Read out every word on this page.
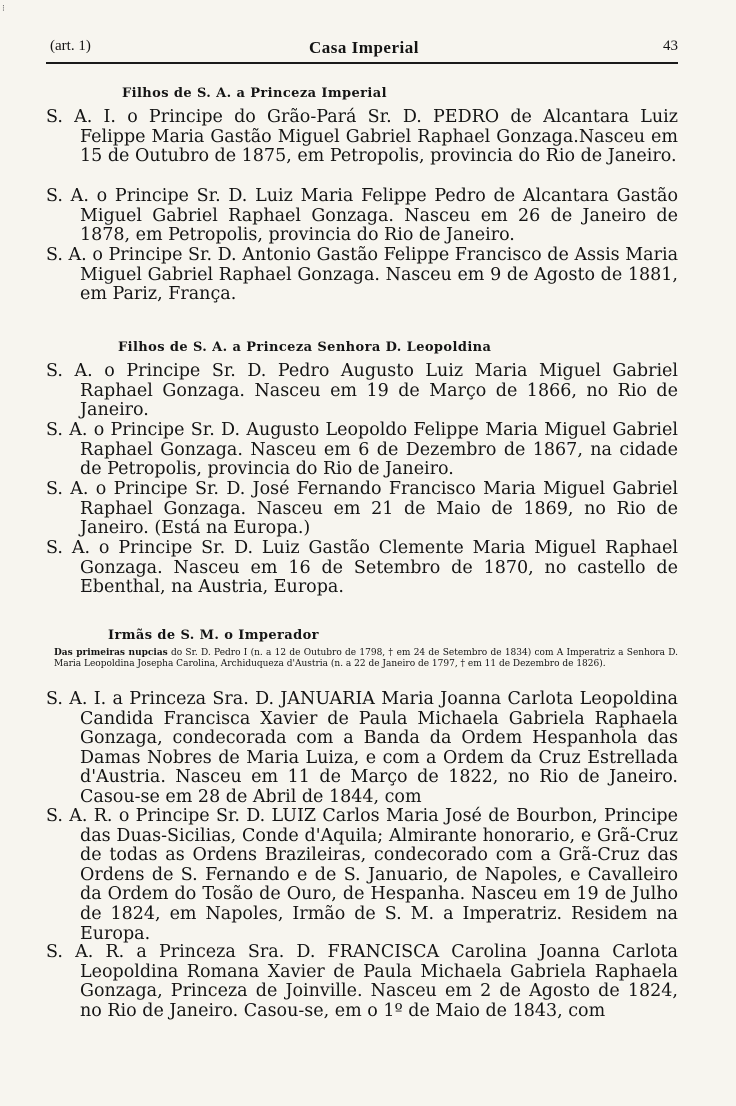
⁝
(art. 1)	Casa Imperial	43
Filhos de S. A. a Princeza Imperial
S. A. I. o Principe do Grão-Pará Sr. D. PEDRO de Alcantara Luiz Felippe Maria Gastão Miguel Gabriel Raphael Gonzaga.Nasceu em 15 de Outubro de 1875, em Petropolis, provincia do Rio de Janeiro.
S. A. o Principe Sr. D. Luiz Maria Felippe Pedro de Alcantara Gastão Miguel Gabriel Raphael Gonzaga. Nasceu em 26 de Janeiro de 1878, em Petropolis, provincia do Rio de Janeiro.
S. A. o Principe Sr. D. Antonio Gastão Felippe Francisco de Assis Maria Miguel Gabriel Raphael Gonzaga. Nasceu em 9 de Agosto de 1881, em Pariz, França.
Filhos de S. A. a Princeza Senhora D. Leopoldina
S. A. o Principe Sr. D. Pedro Augusto Luiz Maria Miguel Gabriel Raphael Gonzaga. Nasceu em 19 de Março de 1866, no Rio de Janeiro.
S. A. o Principe Sr. D. Augusto Leopoldo Felippe Maria Miguel Gabriel Raphael Gonzaga. Nasceu em 6 de Dezembro de 1867, na cidade de Petropolis, provincia do Rio de Janeiro.
S. A. o Principe Sr. D. José Fernando Francisco Maria Miguel Gabriel Raphael Gonzaga. Nasceu em 21 de Maio de 1869, no Rio de Janeiro. (Está na Europa.)
S. A. o Principe Sr. D. Luiz Gastão Clemente Maria Miguel Raphael Gonzaga. Nasceu em 16 de Setembro de 1870, no castello de Ebenthal, na Austria, Europa.
Irmãs de S. M. o Imperador
Das primeiras nupcias do Sr. D. Pedro I (n. a 12 de Outubro de 1798, † em 24 de Setembro de 1834) com A Imperatriz a Senhora D. Maria Leopoldina Josepha Carolina, Archiduqueza d'Austria (n. a 22 de Janeiro de 1797, † em 11 de Dezembro de 1826).
S. A. I. a Princeza Sra. D. JANUARIA Maria Joanna Carlota Leopoldina Candida Francisca Xavier de Paula Michaela Gabriela Raphaela Gonzaga, condecorada com a Banda da Ordem Hespanhola das Damas Nobres de Maria Luiza, e com a Ordem da Cruz Estrellada d'Austria. Nasceu em 11 de Março de 1822, no Rio de Janeiro. Casou-se em 28 de Abril de 1844, com
S. A. R. o Principe Sr. D. LUIZ Carlos Maria José de Bourbon, Principe das Duas-Sicilias, Conde d'Aquila; Almirante honorario, e Grã-Cruz de todas as Ordens Brazileiras, condecorado com a Grã-Cruz das Ordens de S. Fernando e de S. Januario, de Napoles, e Cavalleiro da Ordem do Tosão de Ouro, de Hespanha. Nasceu em 19 de Julho de 1824, em Napoles, Irmão de S. M. a Imperatriz. Residem na Europa.
S. A. R. a Princeza Sra. D. FRANCISCA Carolina Joanna Carlota Leopoldina Romana Xavier de Paula Michaela Gabriela Raphaela Gonzaga, Princeza de Joinville. Nasceu em 2 de Agosto de 1824, no Rio de Janeiro. Casou-se, em o 1º de Maio de 1843, com
